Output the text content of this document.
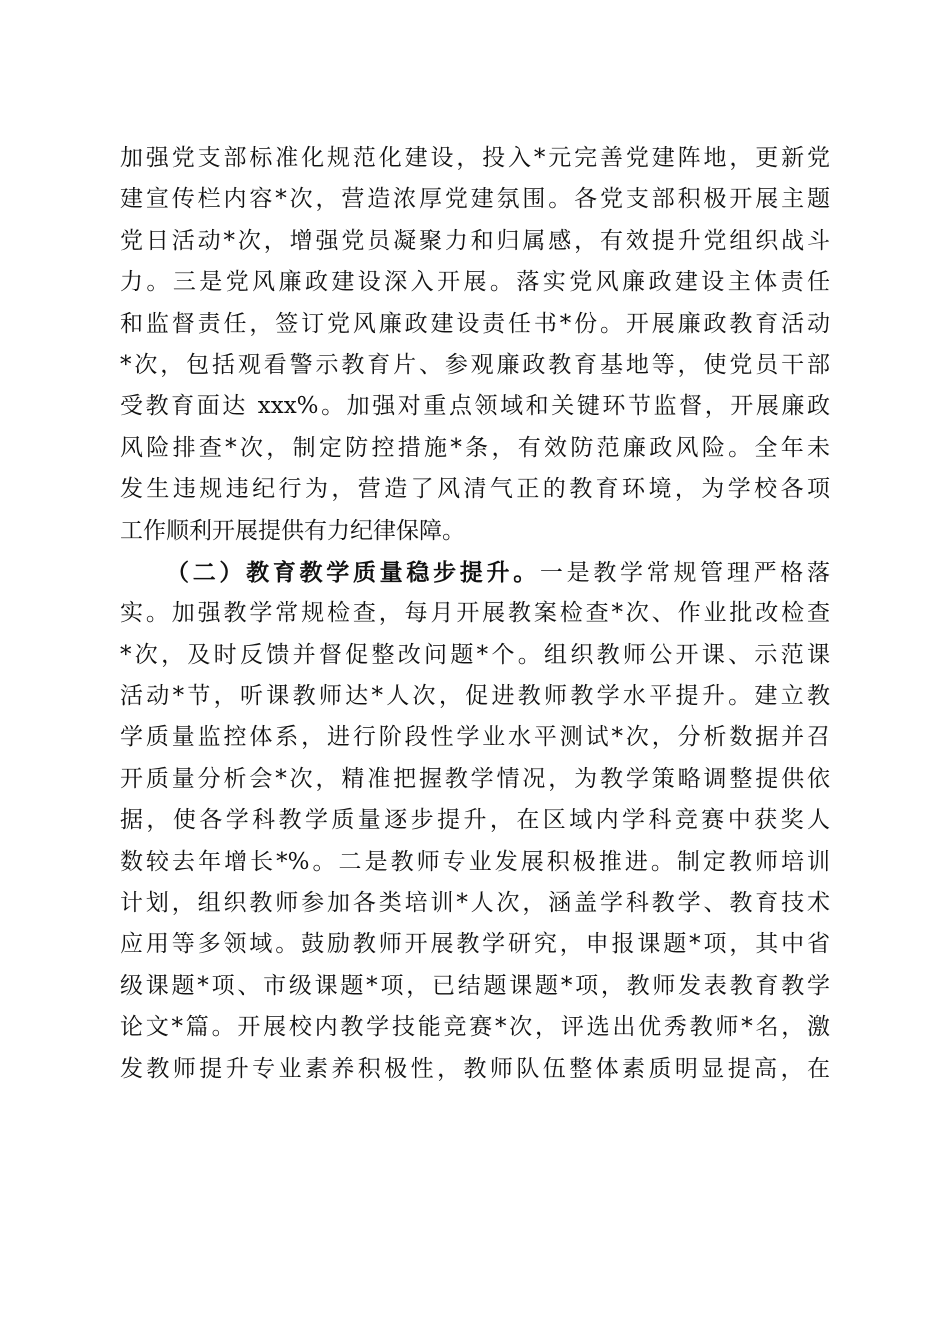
加强党支部标准化规范化建设，投入*元完善党建阵地，更新党
建宣传栏内容*次，营造浓厚党建氛围。各党支部积极开展主题
党日活动*次，增强党员凝聚力和归属感，有效提升党组织战斗
力。三是党风廉政建设深入开展。落实党风廉政建设主体责任
和监督责任，签订党风廉政建设责任书*份。开展廉政教育活动
*次，包括观看警示教育片、参观廉政教育基地等，使党员干部
受教育面达 xxx%。加强对重点领域和关键环节监督，开展廉政
风险排查*次，制定防控措施*条，有效防范廉政风险。全年未
发生违规违纪行为，营造了风清气正的教育环境，为学校各项
工作顺利开展提供有力纪律保障。
（二）教育教学质量稳步提升。一是教学常规管理严格落
实。加强教学常规检查，每月开展教案检查*次、作业批改检查
*次，及时反馈并督促整改问题*个。组织教师公开课、示范课
活动*节，听课教师达*人次，促进教师教学水平提升。建立教
学质量监控体系，进行阶段性学业水平测试*次，分析数据并召
开质量分析会*次，精准把握教学情况，为教学策略调整提供依
据，使各学科教学质量逐步提升，在区域内学科竞赛中获奖人
数较去年增长*%。二是教师专业发展积极推进。制定教师培训
计划，组织教师参加各类培训*人次，涵盖学科教学、教育技术
应用等多领域。鼓励教师开展教学研究，申报课题*项，其中省
级课题*项、市级课题*项，已结题课题*项，教师发表教育教学
论文*篇。开展校内教学技能竞赛*次，评选出优秀教师*名，激
发教师提升专业素养积极性，教师队伍整体素质明显提高，在
